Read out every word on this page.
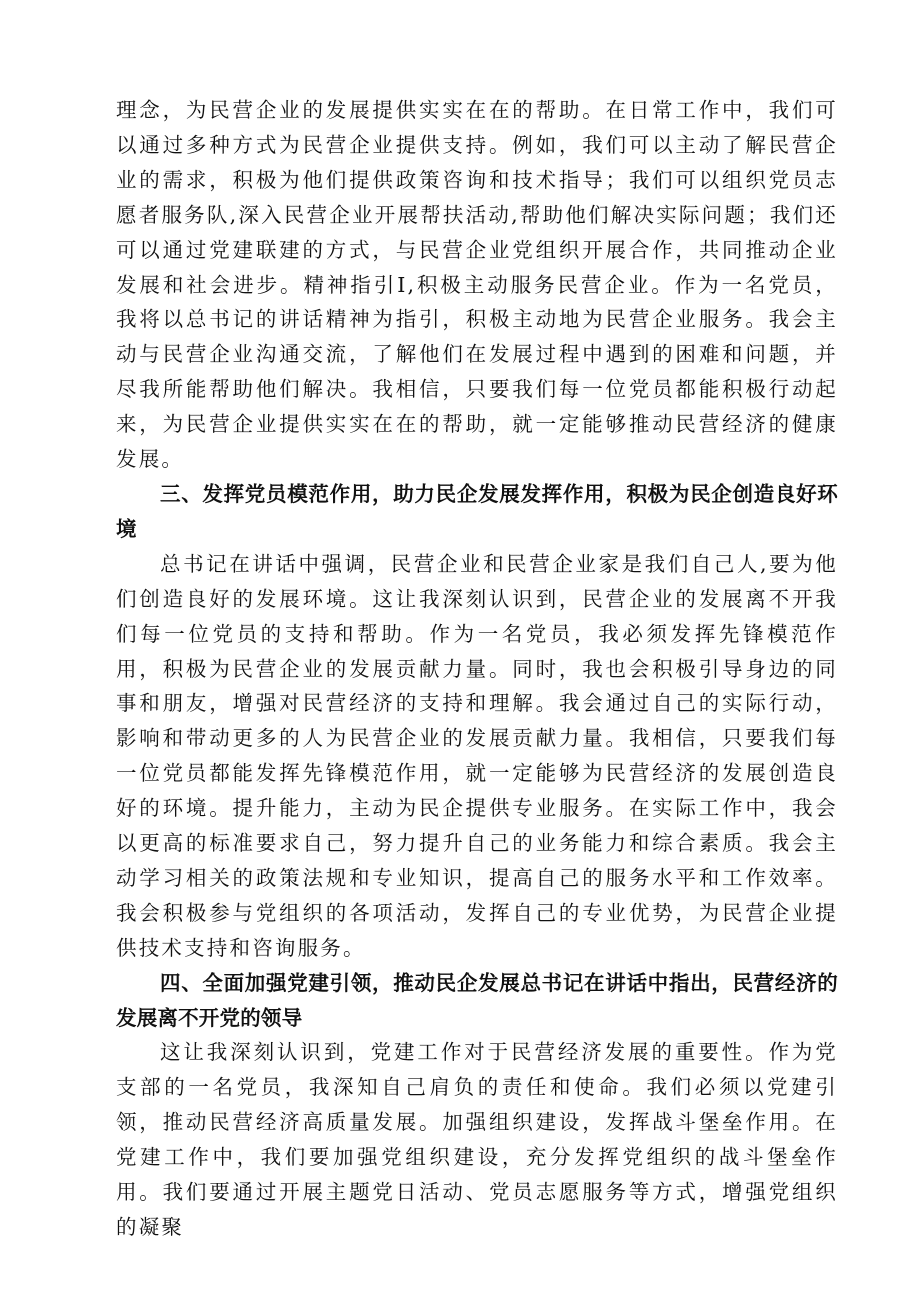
理念，为民营企业的发展提供实实在在的帮助。在日常工作中，我们可以通过多种方式为民营企业提供支持。例如，我们可以主动了解民营企业的需求，积极为他们提供政策咨询和技术指导；我们可以组织党员志愿者服务队,深入民营企业开展帮扶活动,帮助他们解决实际问题；我们还可以通过党建联建的方式，与民营企业党组织开展合作，共同推动企业发展和社会进步。精神指引I,积极主动服务民营企业。作为一名党员，我将以总书记的讲话精神为指引，积极主动地为民营企业服务。我会主动与民营企业沟通交流，了解他们在发展过程中遇到的困难和问题，并尽我所能帮助他们解决。我相信，只要我们每一位党员都能积极行动起来，为民营企业提供实实在在的帮助，就一定能够推动民营经济的健康发展。

三、发挥党员模范作用，助力民企发展发挥作用，积极为民企创造良好环境

总书记在讲话中强调，民营企业和民营企业家是我们自己人,要为他们创造良好的发展环境。这让我深刻认识到，民营企业的发展离不开我们每一位党员的支持和帮助。作为一名党员，我必须发挥先锋模范作用，积极为民营企业的发展贡献力量。同时，我也会积极引导身边的同事和朋友，增强对民营经济的支持和理解。我会通过自己的实际行动，影响和带动更多的人为民营企业的发展贡献力量。我相信，只要我们每一位党员都能发挥先锋模范作用，就一定能够为民营经济的发展创造良好的环境。提升能力，主动为民企提供专业服务。在实际工作中，我会以更高的标准要求自己，努力提升自己的业务能力和综合素质。我会主动学习相关的政策法规和专业知识，提高自己的服务水平和工作效率。我会积极参与党组织的各项活动，发挥自己的专业优势，为民营企业提供技术支持和咨询服务。

四、全面加强党建引领，推动民企发展总书记在讲话中指出，民营经济的发展离不开党的领导

这让我深刻认识到，党建工作对于民营经济发展的重要性。作为党支部的一名党员，我深知自己肩负的责任和使命。我们必须以党建引领，推动民营经济高质量发展。加强组织建设，发挥战斗堡垒作用。在党建工作中，我们要加强党组织建设，充分发挥党组织的战斗堡垒作用。我们要通过开展主题党日活动、党员志愿服务等方式，增强党组织的凝聚
